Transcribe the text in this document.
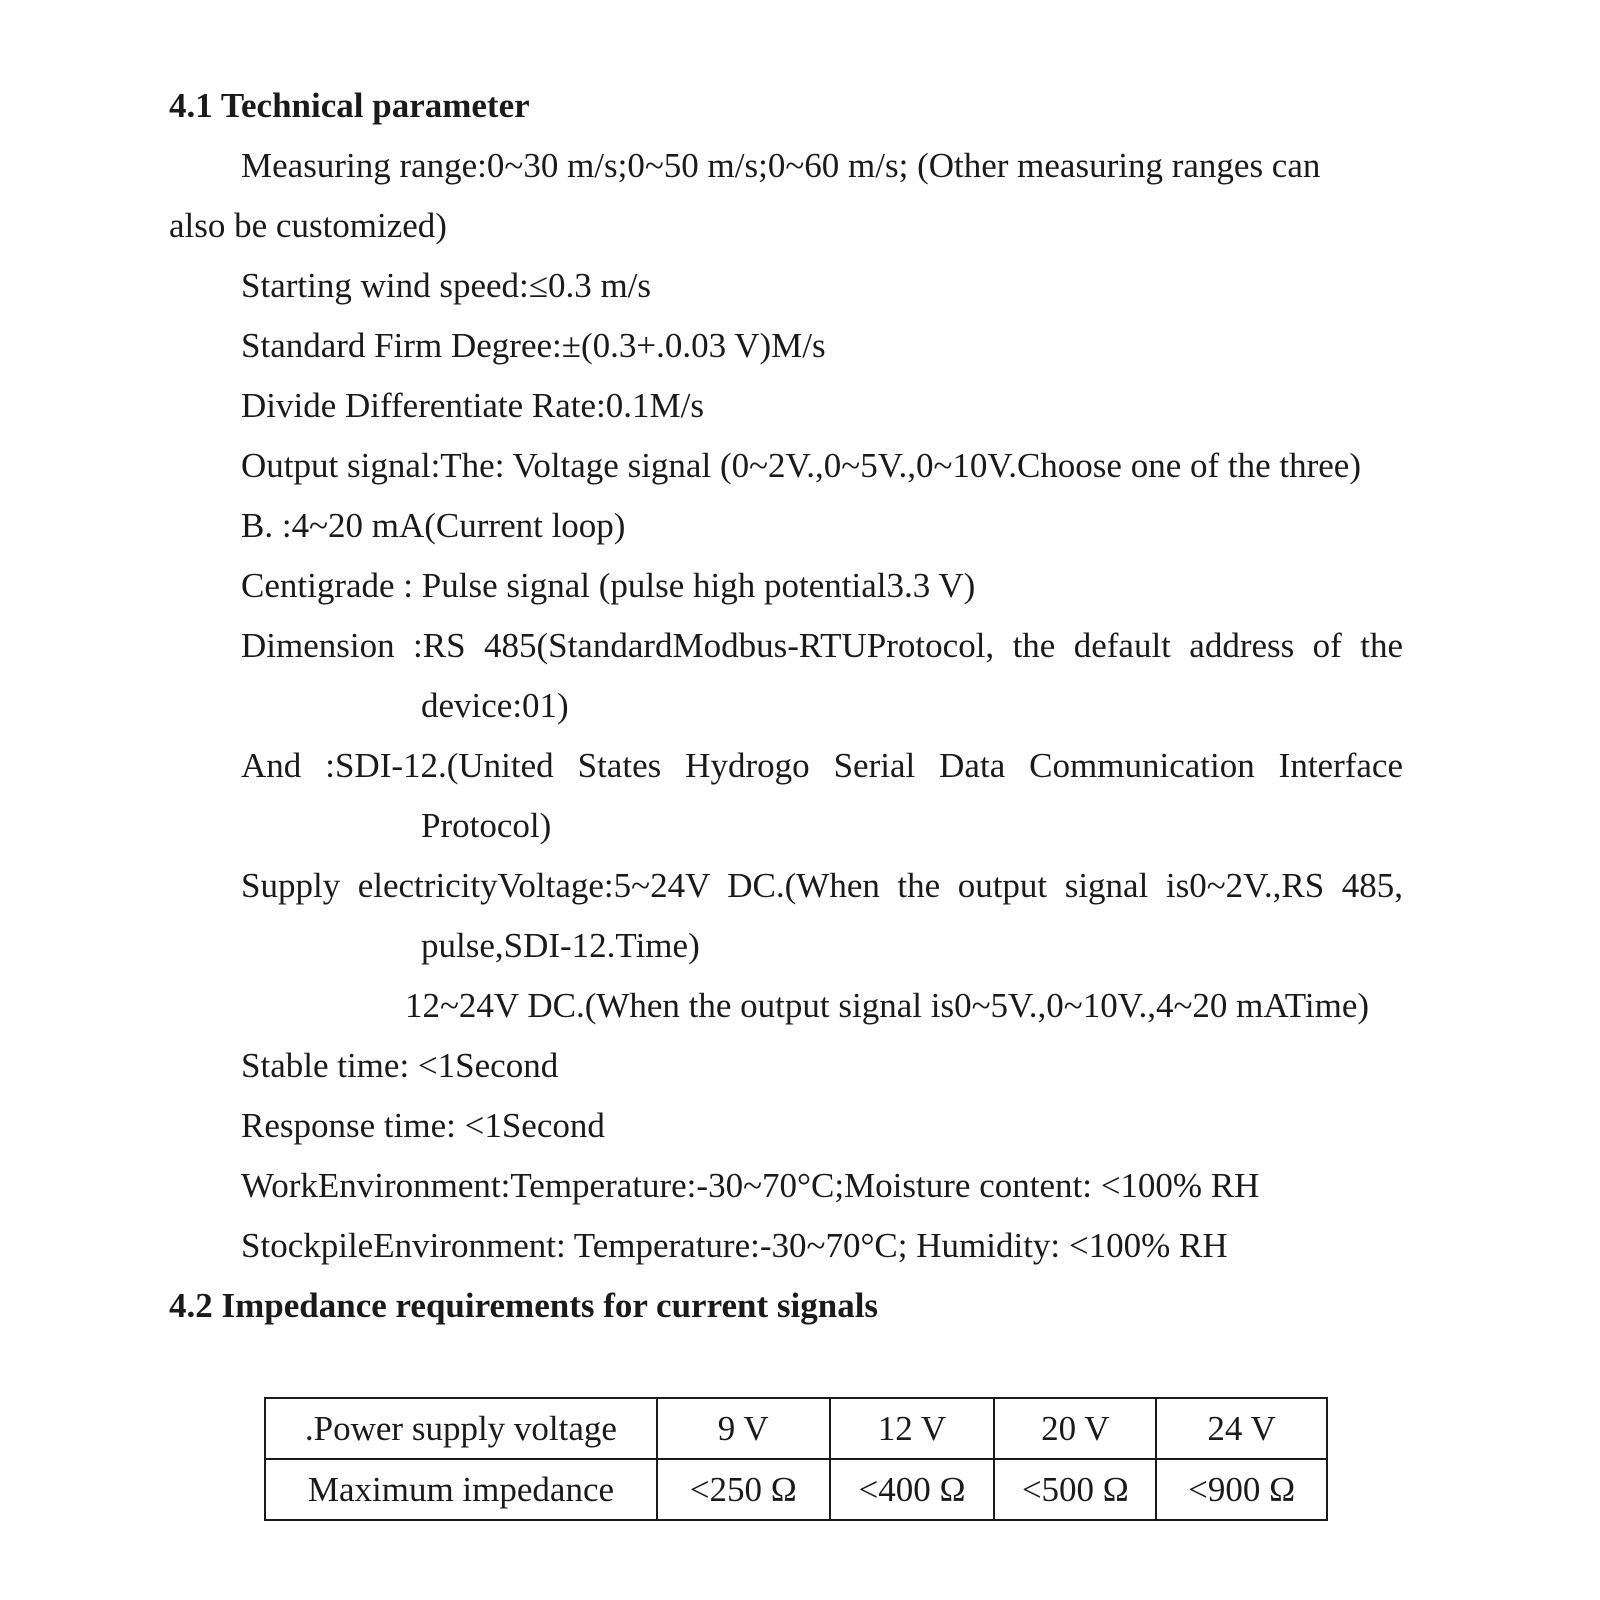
4.1 Technical parameter
Measuring range:0~30 m/s;0~50 m/s;0~60 m/s; (Other measuring ranges can
also be customized)
Starting wind speed:≤0.3 m/s
Standard Firm Degree:±(0.3+.0.03 V)M/s
Divide Differentiate Rate:0.1M/s
Output signal:The: Voltage signal (0~2V.,0~5V.,0~10V.Choose one of the three)
B. :4~20 mA(Current loop)
Centigrade : Pulse signal (pulse high potential3.3 V)
Dimension :RS 485(StandardModbus-RTUProtocol, the default address of the
device:01)
And :SDI-12.(United States Hydrogo Serial Data Communication Interface
Protocol)
Supply electricityVoltage:5~24V DC.(When the output signal is0~2V.,RS 485,
pulse,SDI-12.Time)
12~24V DC.(When the output signal is0~5V.,0~10V.,4~20 mATime)
Stable time: <1Second
Response time: <1Second
WorkEnvironment:Temperature:-30~70°C;Moisture content: <100% RH
StockpileEnvironment: Temperature:-30~70°C; Humidity: <100% RH
4.2 Impedance requirements for current signals
.Power supply voltage	9 V	12 V	20 V	24 V
Maximum impedance	<250 Ω	<400 Ω	<500 Ω	<900 Ω
